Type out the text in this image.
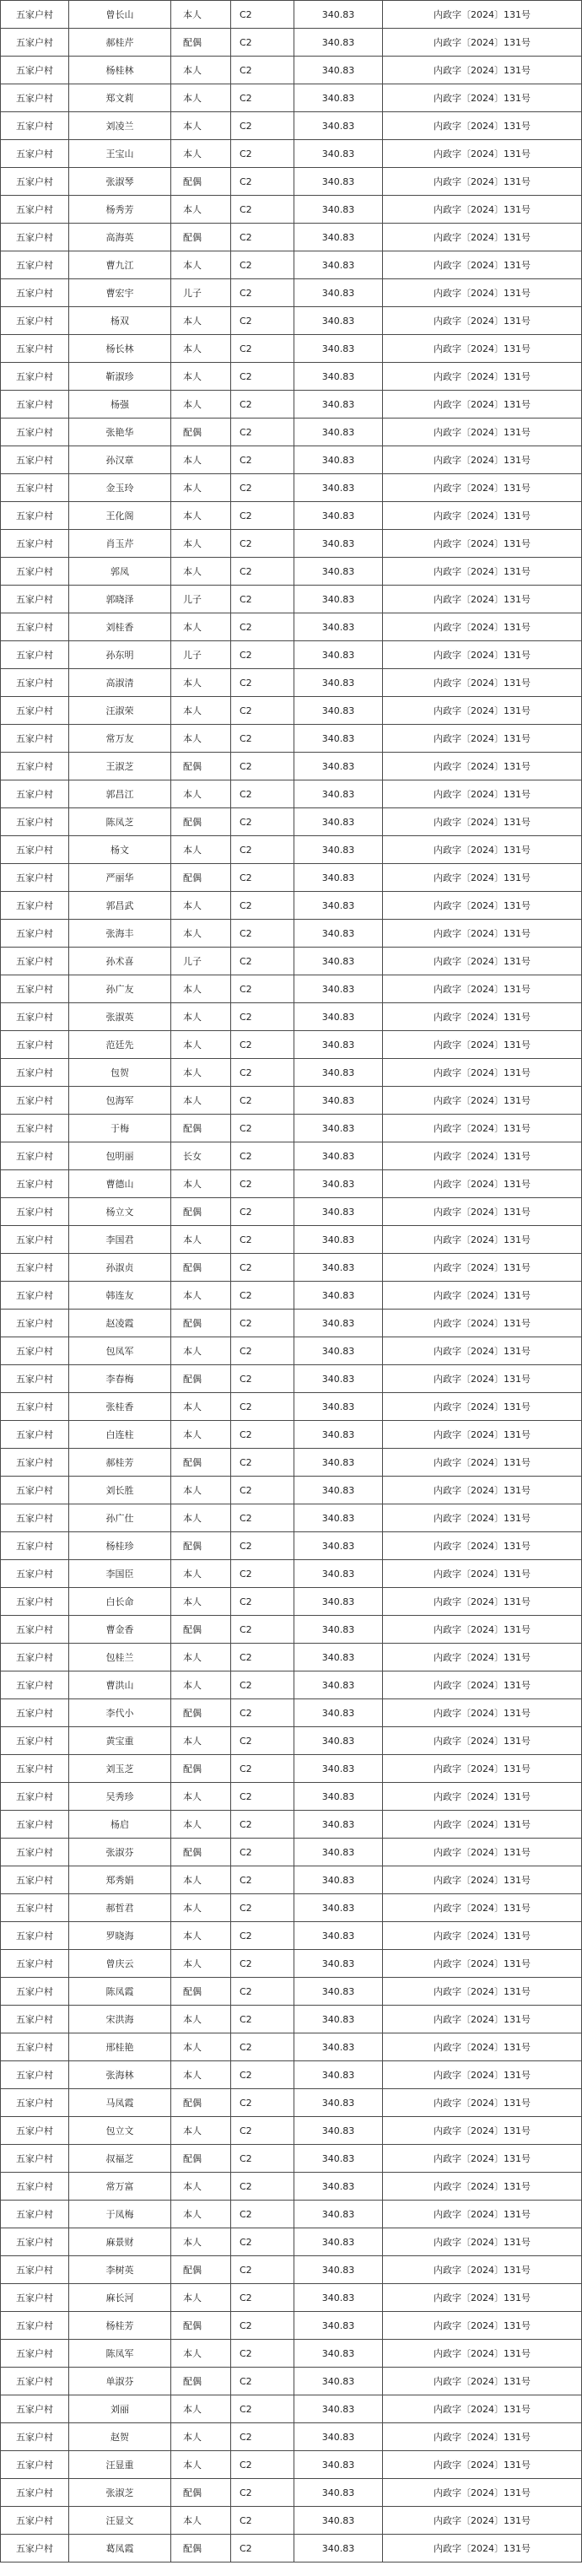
五家户村	曾长山	本人	C2	340.83	内政字〔2024〕131号
五家户村	郝桂芹	配偶	C2	340.83	内政字〔2024〕131号
五家户村	杨桂林	本人	C2	340.83	内政字〔2024〕131号
五家户村	郑文莉	本人	C2	340.83	内政字〔2024〕131号
五家户村	刘凌兰	本人	C2	340.83	内政字〔2024〕131号
五家户村	王宝山	本人	C2	340.83	内政字〔2024〕131号
五家户村	张淑琴	配偶	C2	340.83	内政字〔2024〕131号
五家户村	杨秀芳	本人	C2	340.83	内政字〔2024〕131号
五家户村	高海英	配偶	C2	340.83	内政字〔2024〕131号
五家户村	曹九江	本人	C2	340.83	内政字〔2024〕131号
五家户村	曹宏宇	儿子	C2	340.83	内政字〔2024〕131号
五家户村	杨双	本人	C2	340.83	内政字〔2024〕131号
五家户村	杨长林	本人	C2	340.83	内政字〔2024〕131号
五家户村	靳淑珍	本人	C2	340.83	内政字〔2024〕131号
五家户村	杨强	本人	C2	340.83	内政字〔2024〕131号
五家户村	张艳华	配偶	C2	340.83	内政字〔2024〕131号
五家户村	孙汉章	本人	C2	340.83	内政字〔2024〕131号
五家户村	金玉玲	本人	C2	340.83	内政字〔2024〕131号
五家户村	王化阁	本人	C2	340.83	内政字〔2024〕131号
五家户村	肖玉芹	本人	C2	340.83	内政字〔2024〕131号
五家户村	郭凤	本人	C2	340.83	内政字〔2024〕131号
五家户村	郭晓泽	儿子	C2	340.83	内政字〔2024〕131号
五家户村	刘桂香	本人	C2	340.83	内政字〔2024〕131号
五家户村	孙东明	儿子	C2	340.83	内政字〔2024〕131号
五家户村	高淑清	本人	C2	340.83	内政字〔2024〕131号
五家户村	汪淑荣	本人	C2	340.83	内政字〔2024〕131号
五家户村	常万友	本人	C2	340.83	内政字〔2024〕131号
五家户村	王淑芝	配偶	C2	340.83	内政字〔2024〕131号
五家户村	郭昌江	本人	C2	340.83	内政字〔2024〕131号
五家户村	陈凤芝	配偶	C2	340.83	内政字〔2024〕131号
五家户村	杨文	本人	C2	340.83	内政字〔2024〕131号
五家户村	严丽华	配偶	C2	340.83	内政字〔2024〕131号
五家户村	郭昌武	本人	C2	340.83	内政字〔2024〕131号
五家户村	张海丰	本人	C2	340.83	内政字〔2024〕131号
五家户村	孙术喜	儿子	C2	340.83	内政字〔2024〕131号
五家户村	孙广友	本人	C2	340.83	内政字〔2024〕131号
五家户村	张淑英	本人	C2	340.83	内政字〔2024〕131号
五家户村	范廷先	本人	C2	340.83	内政字〔2024〕131号
五家户村	包贺	本人	C2	340.83	内政字〔2024〕131号
五家户村	包海军	本人	C2	340.83	内政字〔2024〕131号
五家户村	于梅	配偶	C2	340.83	内政字〔2024〕131号
五家户村	包明丽	长女	C2	340.83	内政字〔2024〕131号
五家户村	曹德山	本人	C2	340.83	内政字〔2024〕131号
五家户村	杨立文	配偶	C2	340.83	内政字〔2024〕131号
五家户村	李国君	本人	C2	340.83	内政字〔2024〕131号
五家户村	孙淑贞	配偶	C2	340.83	内政字〔2024〕131号
五家户村	韩连友	本人	C2	340.83	内政字〔2024〕131号
五家户村	赵凌霞	配偶	C2	340.83	内政字〔2024〕131号
五家户村	包凤军	本人	C2	340.83	内政字〔2024〕131号
五家户村	李春梅	配偶	C2	340.83	内政字〔2024〕131号
五家户村	张桂香	本人	C2	340.83	内政字〔2024〕131号
五家户村	白连柱	本人	C2	340.83	内政字〔2024〕131号
五家户村	郝桂芳	配偶	C2	340.83	内政字〔2024〕131号
五家户村	刘长胜	本人	C2	340.83	内政字〔2024〕131号
五家户村	孙广仕	本人	C2	340.83	内政字〔2024〕131号
五家户村	杨桂珍	配偶	C2	340.83	内政字〔2024〕131号
五家户村	李国臣	本人	C2	340.83	内政字〔2024〕131号
五家户村	白长命	本人	C2	340.83	内政字〔2024〕131号
五家户村	曹金香	配偶	C2	340.83	内政字〔2024〕131号
五家户村	包桂兰	本人	C2	340.83	内政字〔2024〕131号
五家户村	曹洪山	本人	C2	340.83	内政字〔2024〕131号
五家户村	李代小	配偶	C2	340.83	内政字〔2024〕131号
五家户村	黄宝重	本人	C2	340.83	内政字〔2024〕131号
五家户村	刘玉芝	配偶	C2	340.83	内政字〔2024〕131号
五家户村	吴秀珍	本人	C2	340.83	内政字〔2024〕131号
五家户村	杨启	本人	C2	340.83	内政字〔2024〕131号
五家户村	张淑芬	配偶	C2	340.83	内政字〔2024〕131号
五家户村	郑秀娟	本人	C2	340.83	内政字〔2024〕131号
五家户村	郝哲君	本人	C2	340.83	内政字〔2024〕131号
五家户村	罗晓海	本人	C2	340.83	内政字〔2024〕131号
五家户村	曾庆云	本人	C2	340.83	内政字〔2024〕131号
五家户村	陈凤霞	配偶	C2	340.83	内政字〔2024〕131号
五家户村	宋洪海	本人	C2	340.83	内政字〔2024〕131号
五家户村	邢桂艳	本人	C2	340.83	内政字〔2024〕131号
五家户村	张海林	本人	C2	340.83	内政字〔2024〕131号
五家户村	马凤霞	配偶	C2	340.83	内政字〔2024〕131号
五家户村	包立文	本人	C2	340.83	内政字〔2024〕131号
五家户村	叔福芝	配偶	C2	340.83	内政字〔2024〕131号
五家户村	常万富	本人	C2	340.83	内政字〔2024〕131号
五家户村	于凤梅	本人	C2	340.83	内政字〔2024〕131号
五家户村	麻景财	本人	C2	340.83	内政字〔2024〕131号
五家户村	李树英	配偶	C2	340.83	内政字〔2024〕131号
五家户村	麻长河	本人	C2	340.83	内政字〔2024〕131号
五家户村	杨桂芳	配偶	C2	340.83	内政字〔2024〕131号
五家户村	陈凤军	本人	C2	340.83	内政字〔2024〕131号
五家户村	单淑芬	配偶	C2	340.83	内政字〔2024〕131号
五家户村	刘丽	本人	C2	340.83	内政字〔2024〕131号
五家户村	赵贺	本人	C2	340.83	内政字〔2024〕131号
五家户村	汪显重	本人	C2	340.83	内政字〔2024〕131号
五家户村	张淑芝	配偶	C2	340.83	内政字〔2024〕131号
五家户村	汪显文	本人	C2	340.83	内政字〔2024〕131号
五家户村	葛凤霞	配偶	C2	340.83	内政字〔2024〕131号
